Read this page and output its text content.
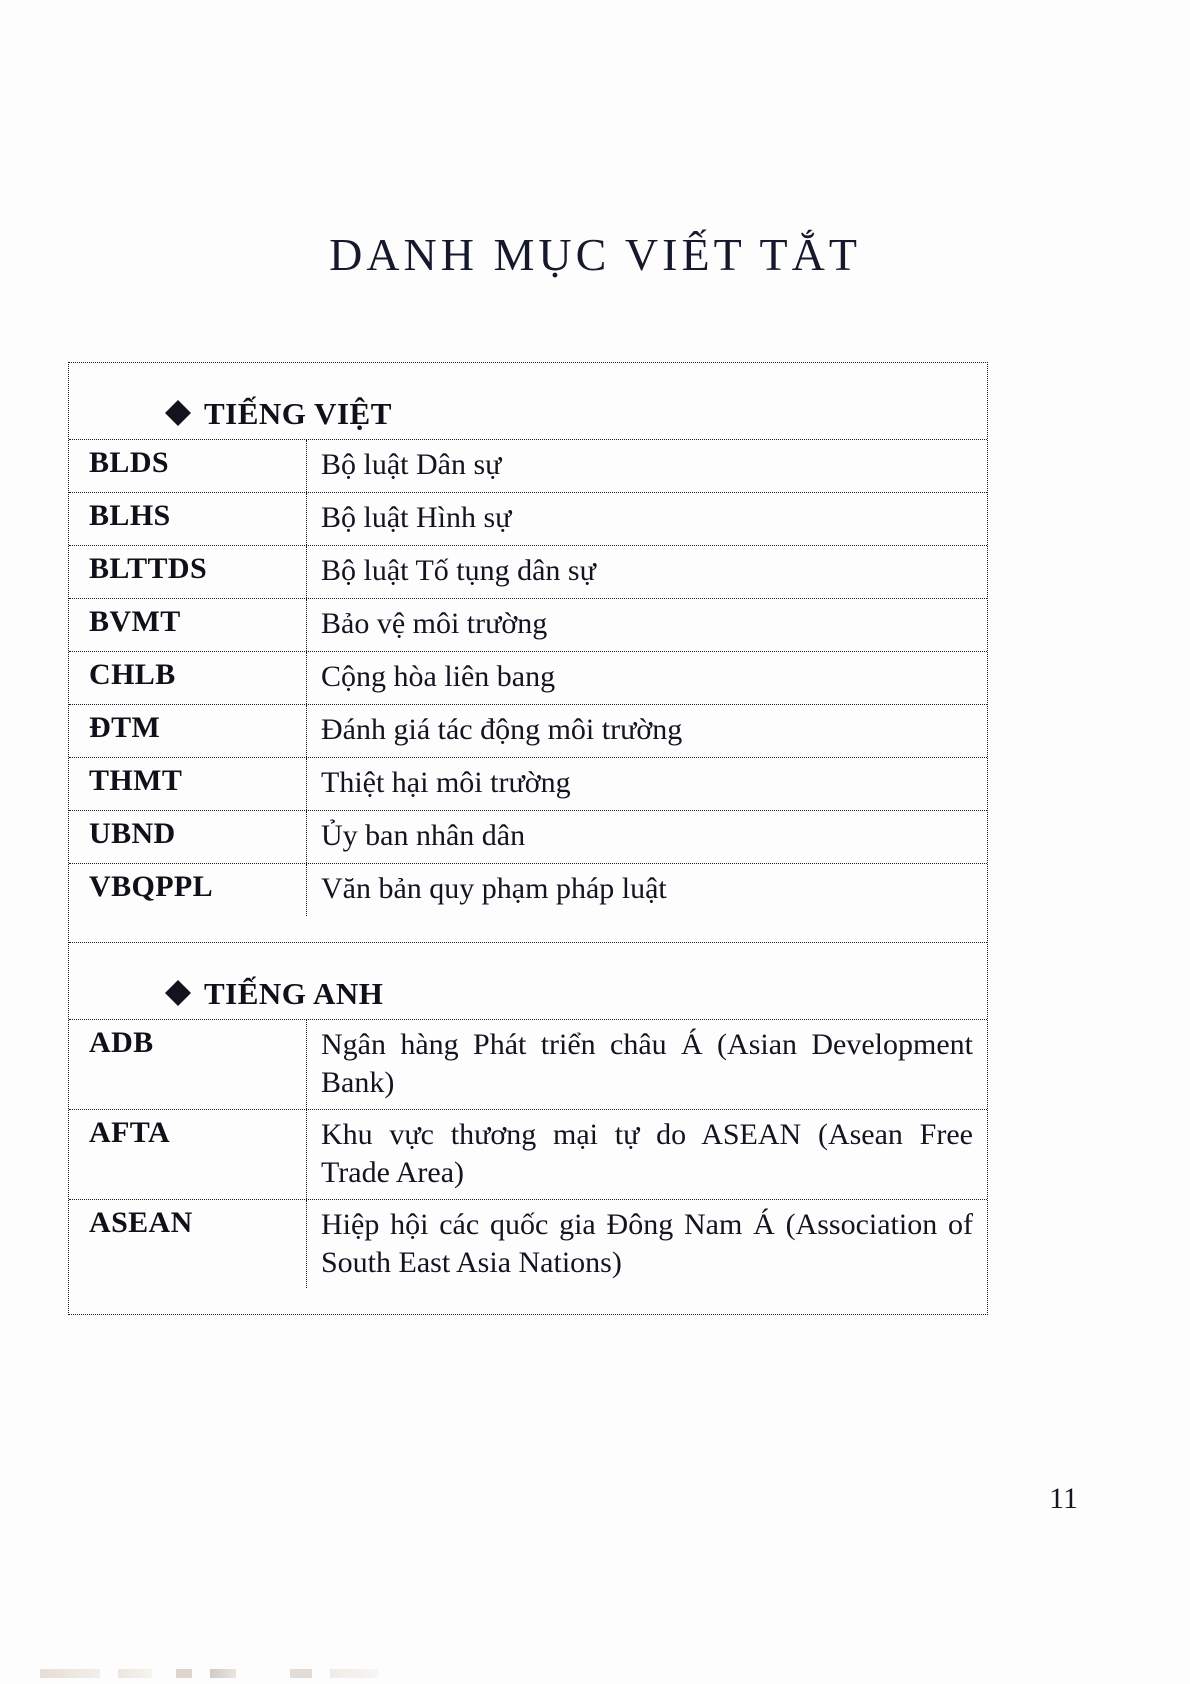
DANH MỤC VIẾT TẮT
TIẾNG VIỆT
BLDS	Bộ luật Dân sự
BLHS	Bộ luật Hình sự
BLTTDS	Bộ luật Tố tụng dân sự
BVMT	Bảo vệ môi trường
CHLB	Cộng hòa liên bang
ĐTM	Đánh giá tác động môi trường
THMT	Thiệt hại môi trường
UBND	Ủy ban nhân dân
VBQPPL	Văn bản quy phạm pháp luật
TIẾNG ANH
ADB	Ngân hàng Phát triển châu Á (Asian Development Bank)
AFTA	Khu vực thương mại tự do ASEAN (Asean Free Trade Area)
ASEAN	Hiệp hội các quốc gia Đông Nam Á (Association of South East Asia Nations)
11
